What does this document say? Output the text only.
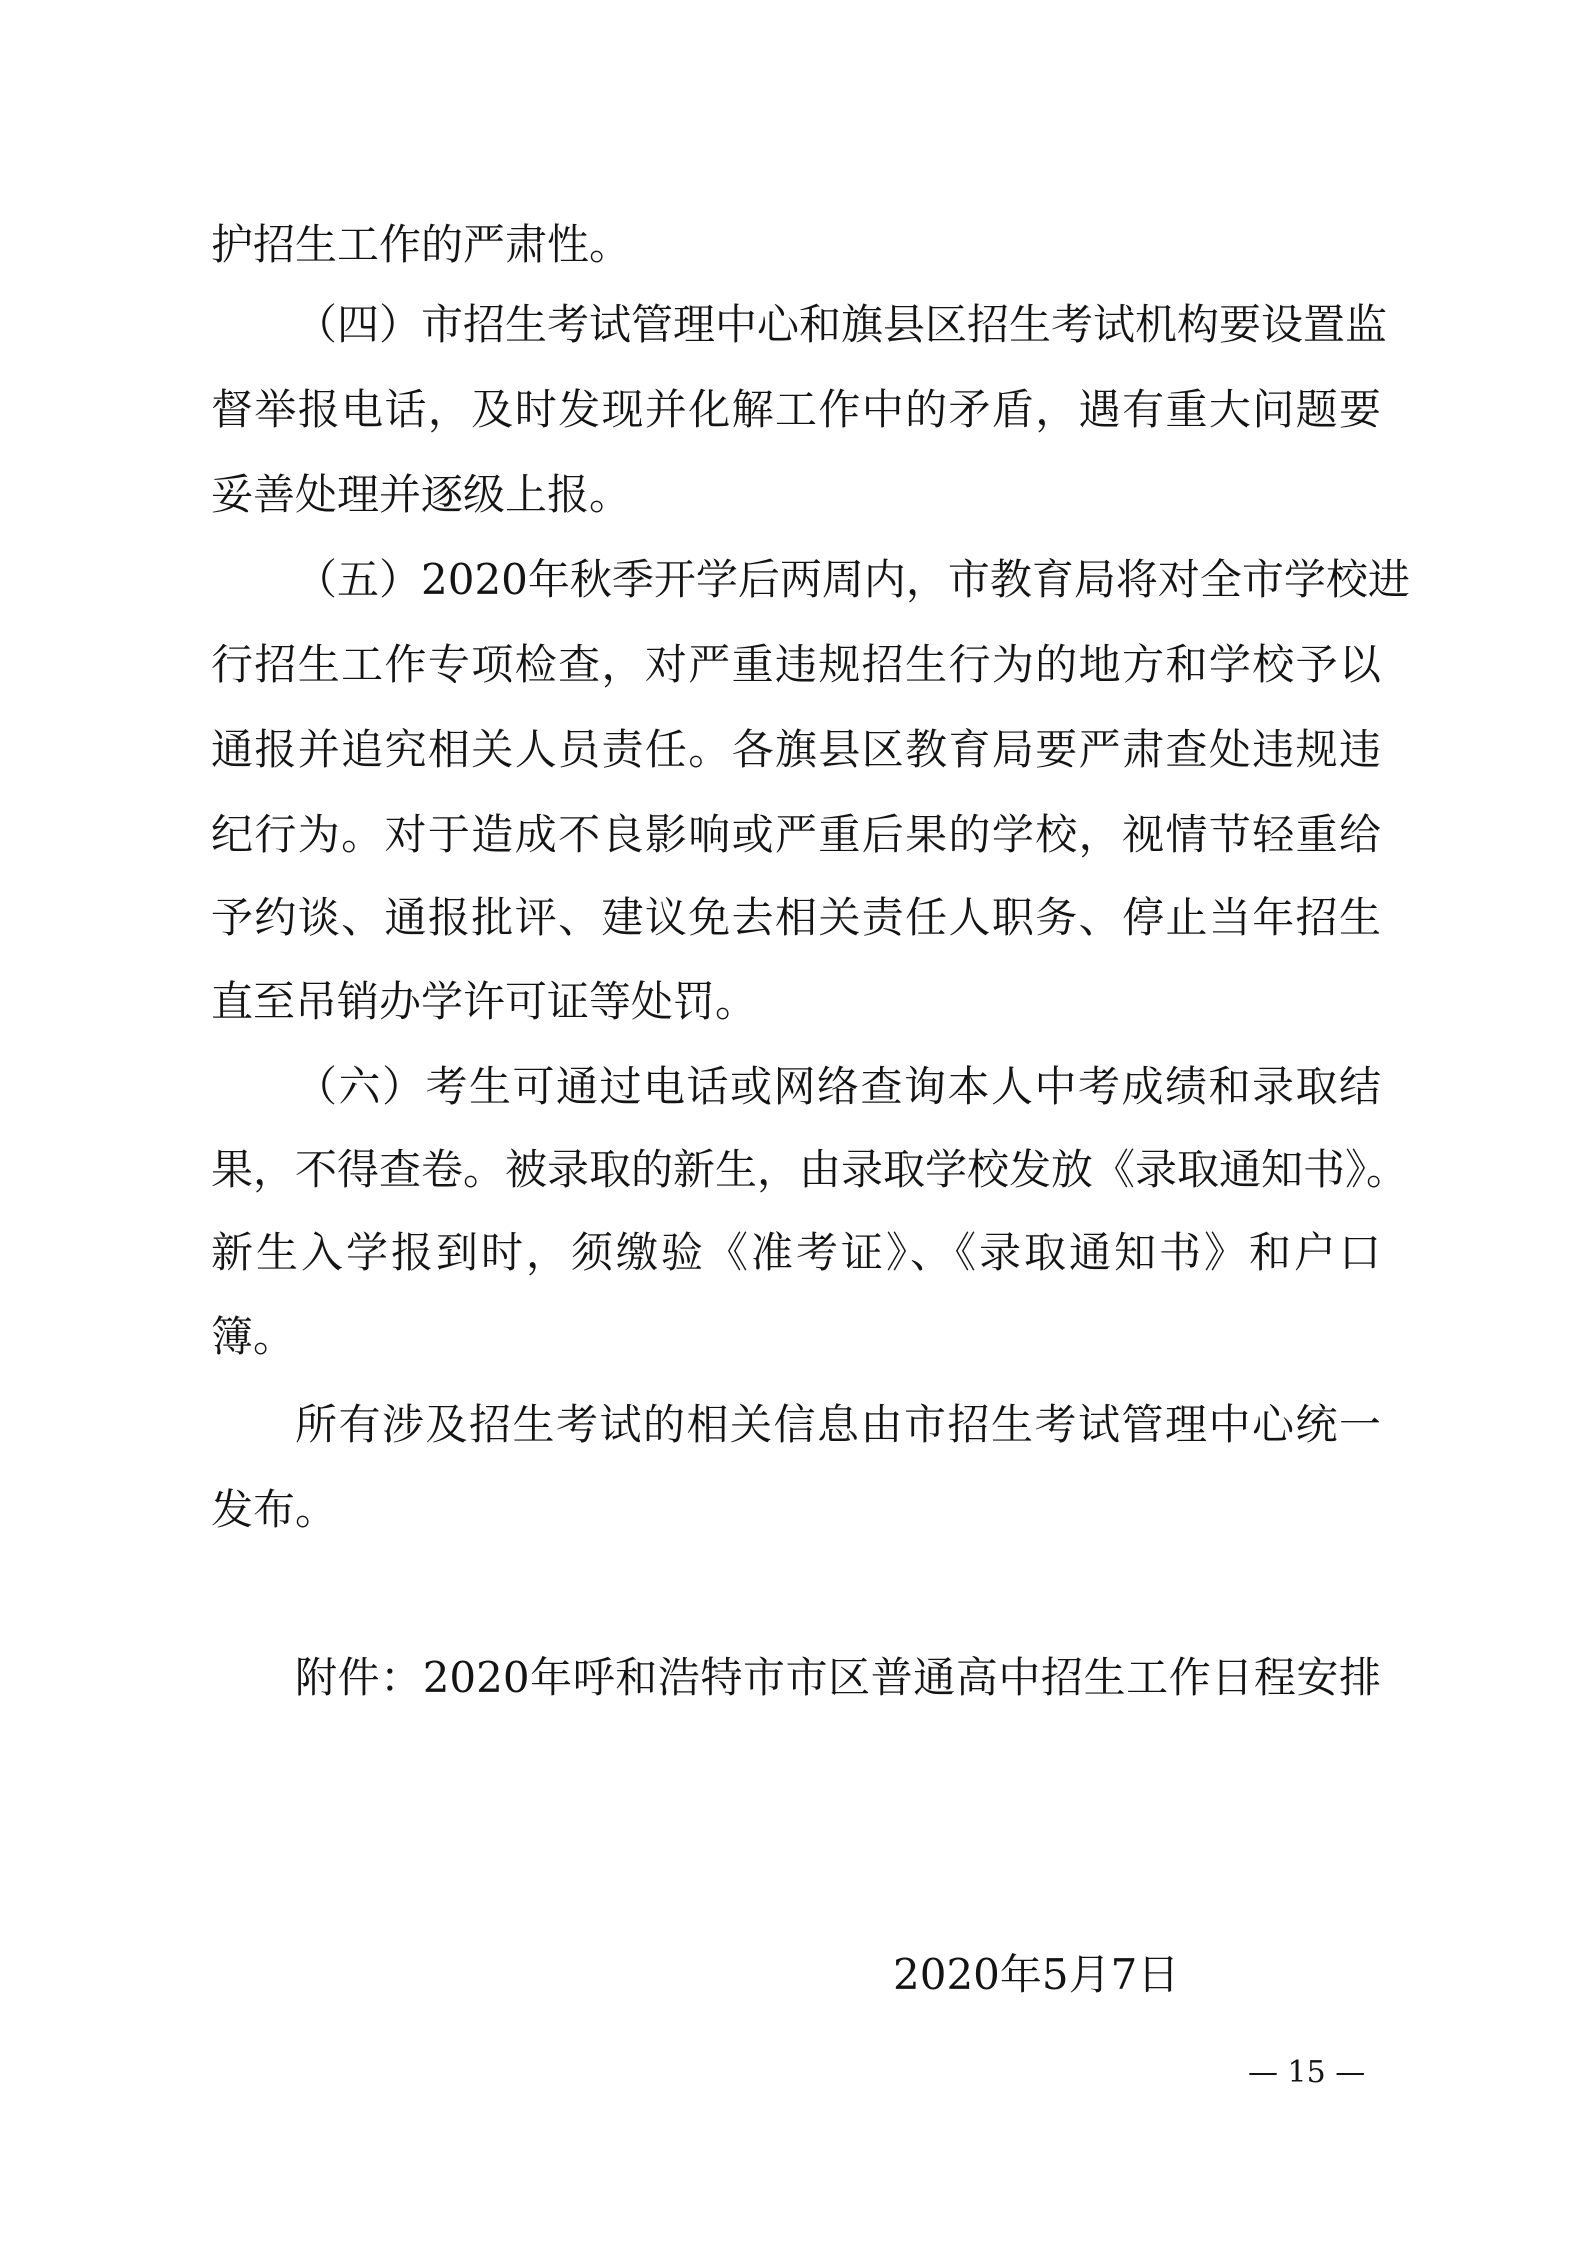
护招生工作的严肃性。
（四）市招生考试管理中心和旗县区招生考试机构要设置监
督举报电话，及时发现并化解工作中的矛盾，遇有重大问题要
妥善处理并逐级上报。
（五）2020年秋季开学后两周内，市教育局将对全市学校进
行招生工作专项检查，对严重违规招生行为的地方和学校予以
通报并追究相关人员责任。各旗县区教育局要严肃查处违规违
纪行为。对于造成不良影响或严重后果的学校，视情节轻重给
予约谈、通报批评、建议免去相关责任人职务、停止当年招生
直至吊销办学许可证等处罚。
（六）考生可通过电话或网络查询本人中考成绩和录取结
果，不得查卷。被录取的新生，由录取学校发放《录取通知书》。
新生入学报到时，须缴验《准考证》、《录取通知书》和户口
簿。
所有涉及招生考试的相关信息由市招生考试管理中心统一
发布。
附件：2020年呼和浩特市市区普通高中招生工作日程安排
2020年5月7日
— 15 —
